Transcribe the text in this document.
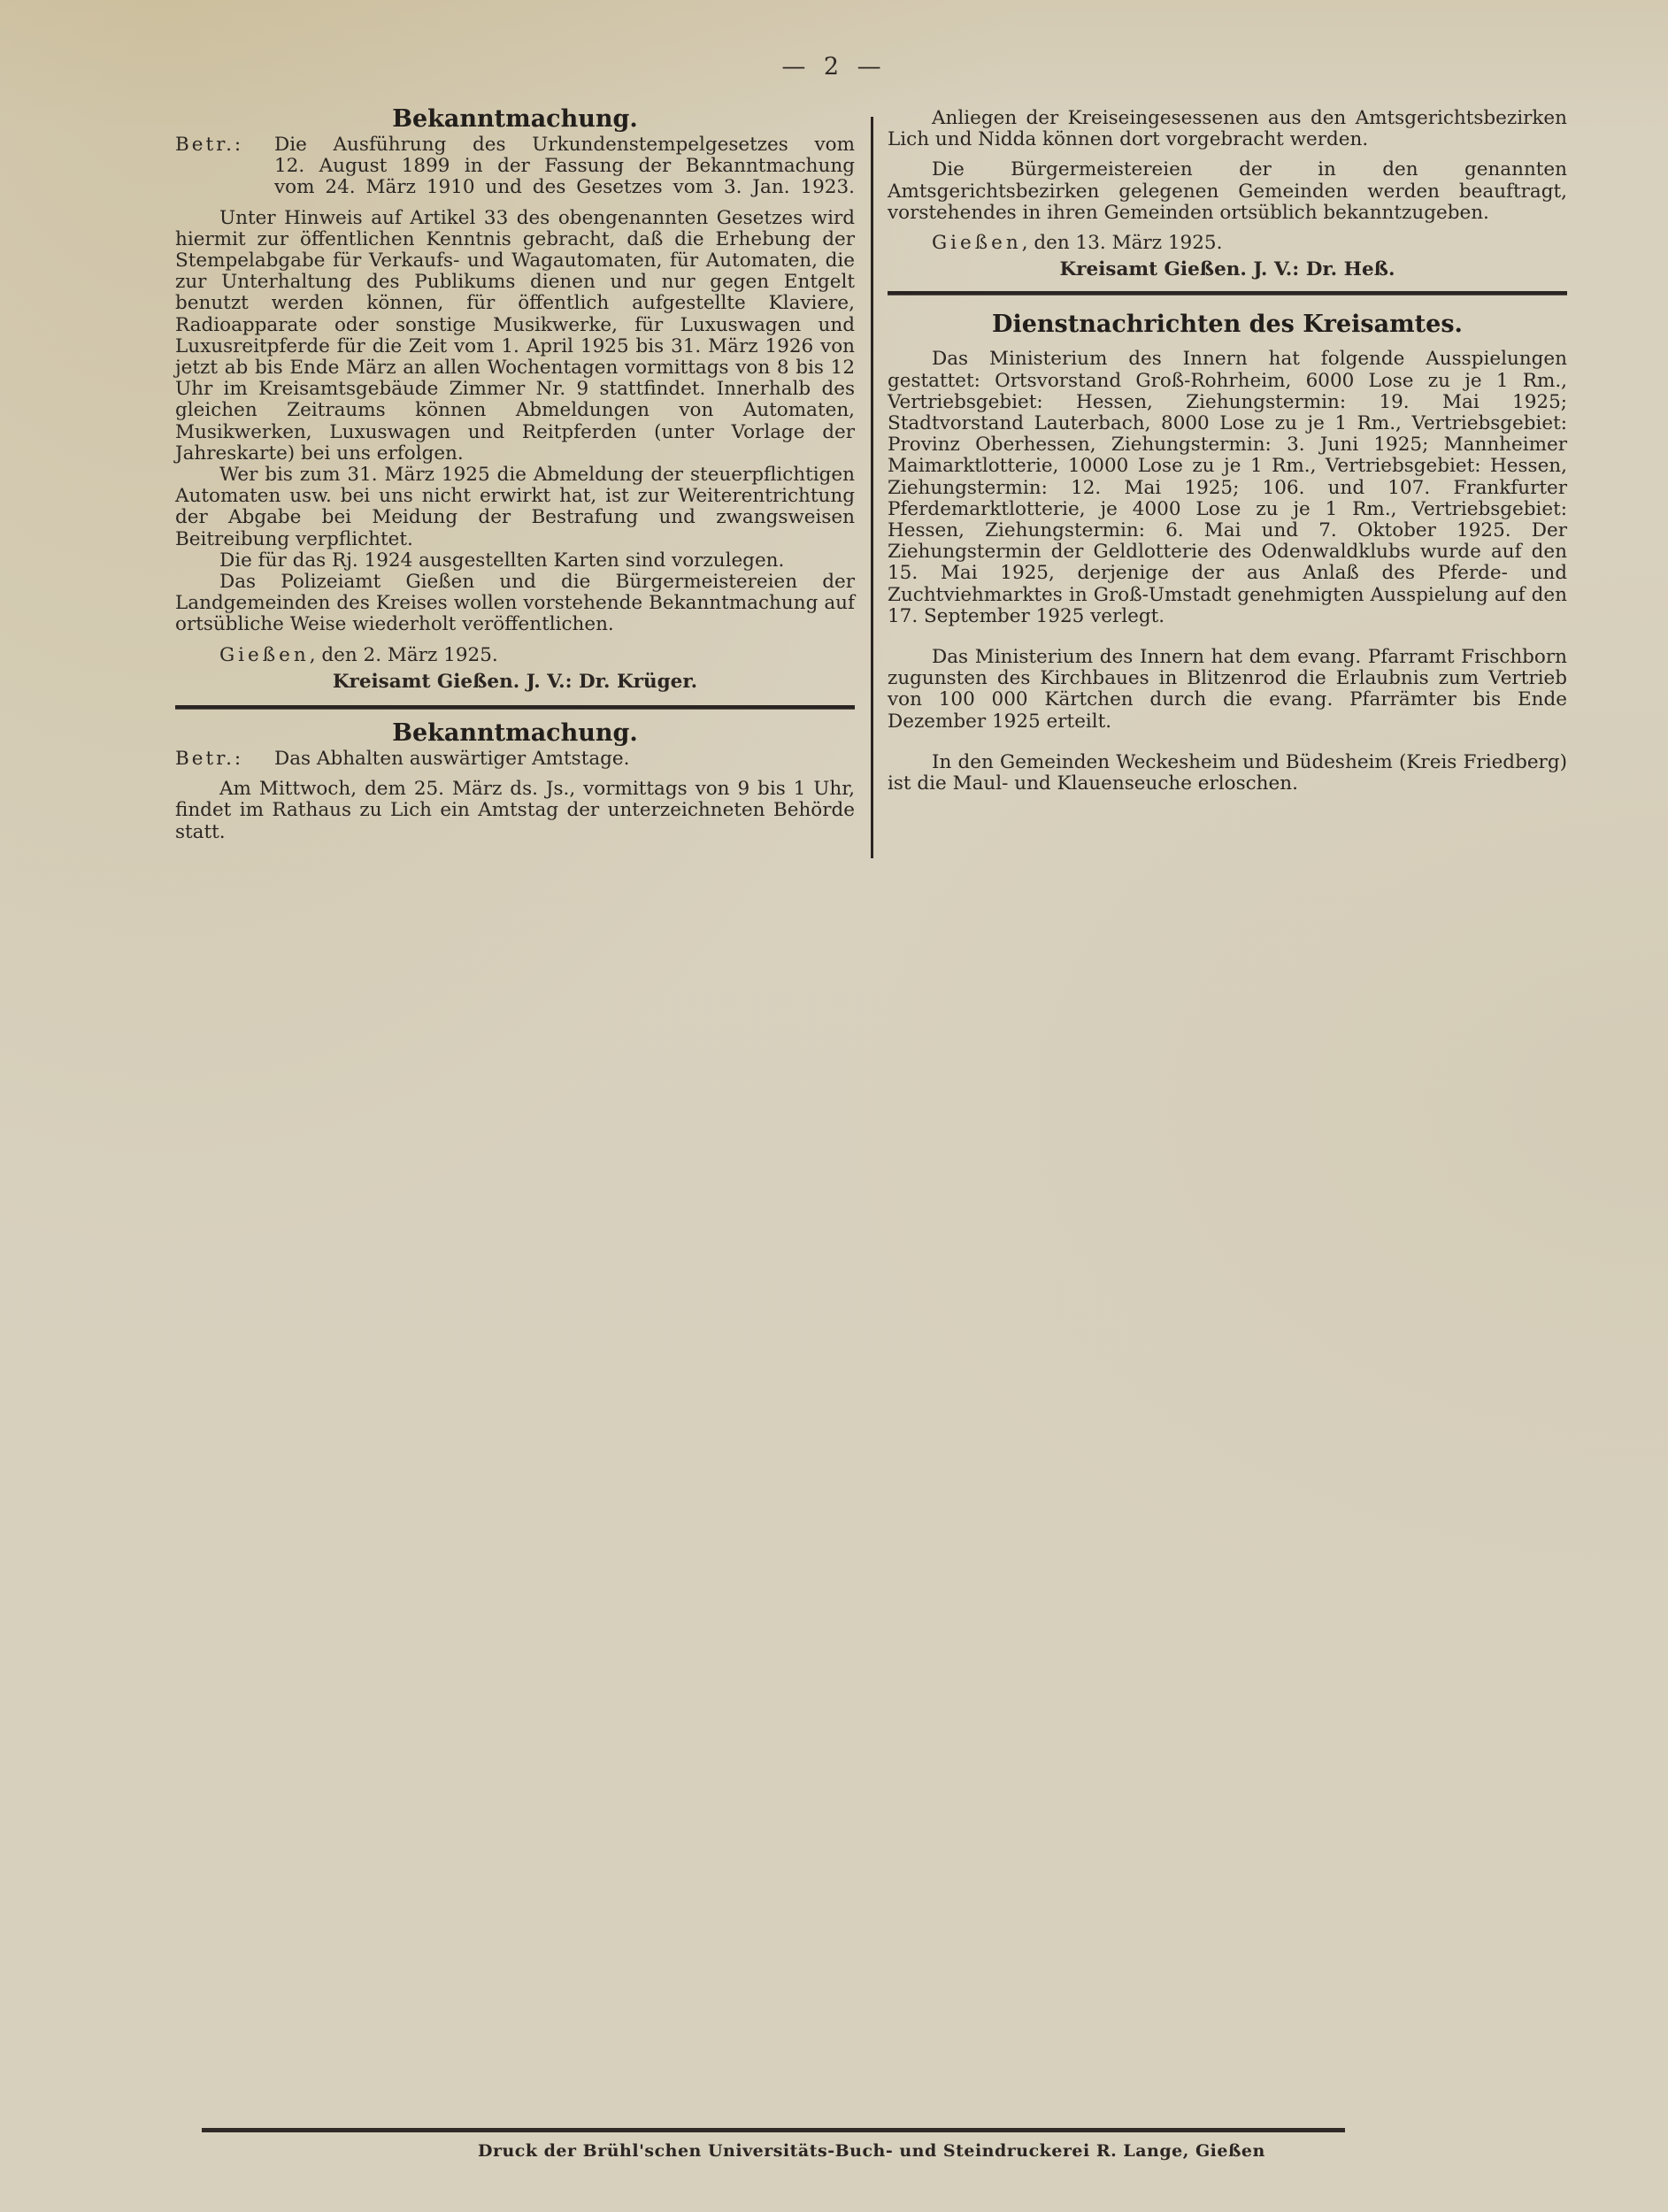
— 2 —
Bekanntmachung.
Betr.:	Die Ausführung des Urkundenstempelgesetzes vom
12. August 1899 in der Fassung der Bekanntmachung
vom 24. März 1910 und des Gesetzes vom 3. Jan. 1923.

Unter Hinweis auf Artikel 33 des obengenannten Gesetzes wird hiermit zur öffentlichen Kenntnis gebracht, daß die Erhebung der Stempelabgabe für Verkaufs- und Wagautomaten, für Automaten, die zur Unterhaltung des Publikums dienen und nur gegen Entgelt benutzt werden können, für öffentlich aufgestellte Klaviere, Radioapparate oder sonstige Musikwerke, für Luxuswagen und Luxusreitpferde für die Zeit vom 1. April 1925 bis 31. März 1926 von jetzt ab bis Ende März an allen Wochentagen vormittags von 8 bis 12 Uhr im Kreisamtsgebäude Zimmer Nr. 9 stattfindet. Innerhalb des gleichen Zeitraums können Abmeldungen von Automaten, Musikwerken, Luxuswagen und Reitpferden (unter Vorlage der Jahreskarte) bei uns erfolgen.

Wer bis zum 31. März 1925 die Abmeldung der steuerpflichtigen Automaten usw. bei uns nicht erwirkt hat, ist zur Weiterentrichtung der Abgabe bei Meidung der Bestrafung und zwangsweisen Beitreibung verpflichtet.

Die für das Rj. 1924 ausgestellten Karten sind vorzulegen.

Das Polizeiamt Gießen und die Bürgermeistereien der Landgemeinden des Kreises wollen vorstehende Bekanntmachung auf ortsübliche Weise wiederholt veröffentlichen.

Gießen, den 2. März 1925.

Kreisamt Gießen. J. V.: Dr. Krüger.
Bekanntmachung.
Betr.:	Das Abhalten auswärtiger Amtstage.

Am Mittwoch, dem 25. März ds. Js., vormittags von 9 bis 1 Uhr, findet im Rathaus zu Lich ein Amtstag der unterzeichneten Behörde statt.

Anliegen der Kreiseingesessenen aus den Amtsgerichtsbezirken Lich und Nidda können dort vorgebracht werden.

Die Bürgermeistereien der in den genannten Amtsgerichtsbezirken gelegenen Gemeinden werden beauftragt, vorstehendes in ihren Gemeinden ortsüblich bekanntzugeben.

Gießen, den 13. März 1925.

Kreisamt Gießen. J. V.: Dr. Heß.
Dienstnachrichten des Kreisamtes.

Das Ministerium des Innern hat folgende Ausspielungen gestattet: Ortsvorstand Groß-Rohrheim, 6000 Lose zu je 1 Rm., Vertriebsgebiet: Hessen, Ziehungstermin: 19. Mai 1925; Stadtvorstand Lauterbach, 8000 Lose zu je 1 Rm., Vertriebsgebiet: Provinz Oberhessen, Ziehungstermin: 3. Juni 1925; Mannheimer Maimarktlotterie, 10000 Lose zu je 1 Rm., Vertriebsgebiet: Hessen, Ziehungstermin: 12. Mai 1925; 106. und 107. Frankfurter Pferdemarktlotterie, je 4000 Lose zu je 1 Rm., Vertriebsgebiet: Hessen, Ziehungstermin: 6. Mai und 7. Oktober 1925. Der Ziehungstermin der Geldlotterie des Odenwaldklubs wurde auf den 15. Mai 1925, derjenige der aus Anlaß des Pferde- und Zuchtviehmarktes in Groß-Umstadt genehmigten Ausspielung auf den 17. September 1925 verlegt.

Das Ministerium des Innern hat dem evang. Pfarramt Frischborn zugunsten des Kirchbaues in Blitzenrod die Erlaubnis zum Vertrieb von 100 000 Kärtchen durch die evang. Pfarrämter bis Ende Dezember 1925 erteilt.

In den Gemeinden Weckesheim und Büdesheim (Kreis Friedberg) ist die Maul- und Klauenseuche erloschen.

Druck der Brühl'schen Universitäts-Buch- und Steindruckerei R. Lange, Gießen
